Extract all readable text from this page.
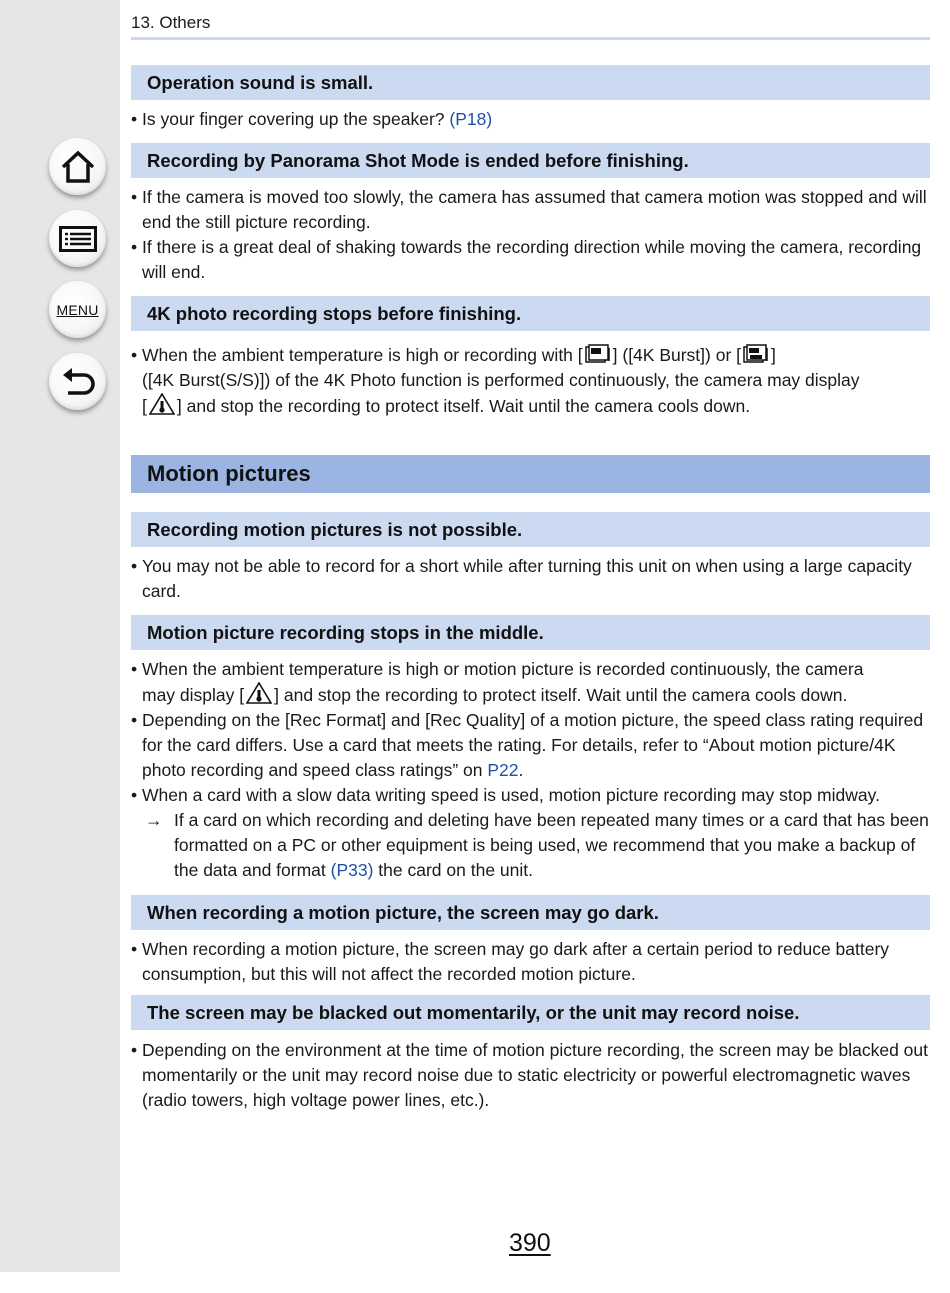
MENU
13. Others
Operation sound is small.
• Is your finger covering up the speaker? (P18)
Recording by Panorama Shot Mode is ended before finishing.
• If the camera is moved too slowly, the camera has assumed that camera motion was stopped and will end the still picture recording.
• If there is a great deal of shaking towards the recording direction while moving the camera, recording will end.
4K photo recording stops before finishing.
• When the ambient temperature is high or recording with [ ] ([4K Burst]) or [ ]
([4K Burst(S/S)]) of the 4K Photo function is performed continuously, the camera may display
[ ] and stop the recording to protect itself. Wait until the camera cools down.
Motion pictures
Recording motion pictures is not possible.
• You may not be able to record for a short while after turning this unit on when using a large capacity card.
Motion picture recording stops in the middle.
• When the ambient temperature is high or motion picture is recorded continuously, the camera
may display [ ] and stop the recording to protect itself. Wait until the camera cools down.
• Depending on the [Rec Format] and [Rec Quality] of a motion picture, the speed class rating required for the card differs. Use a card that meets the rating. For details, refer to “About motion picture/4K photo recording and speed class ratings” on P22.
• When a card with a slow data writing speed is used, motion picture recording may stop midway.
→ If a card on which recording and deleting have been repeated many times or a card that has been formatted on a PC or other equipment is being used, we recommend that you make a backup of the data and format (P33) the card on the unit.
When recording a motion picture, the screen may go dark.
• When recording a motion picture, the screen may go dark after a certain period to reduce battery consumption, but this will not affect the recorded motion picture.
The screen may be blacked out momentarily, or the unit may record noise.
• Depending on the environment at the time of motion picture recording, the screen may be blacked out momentarily or the unit may record noise due to static electricity or powerful electromagnetic waves (radio towers, high voltage power lines, etc.).
390
